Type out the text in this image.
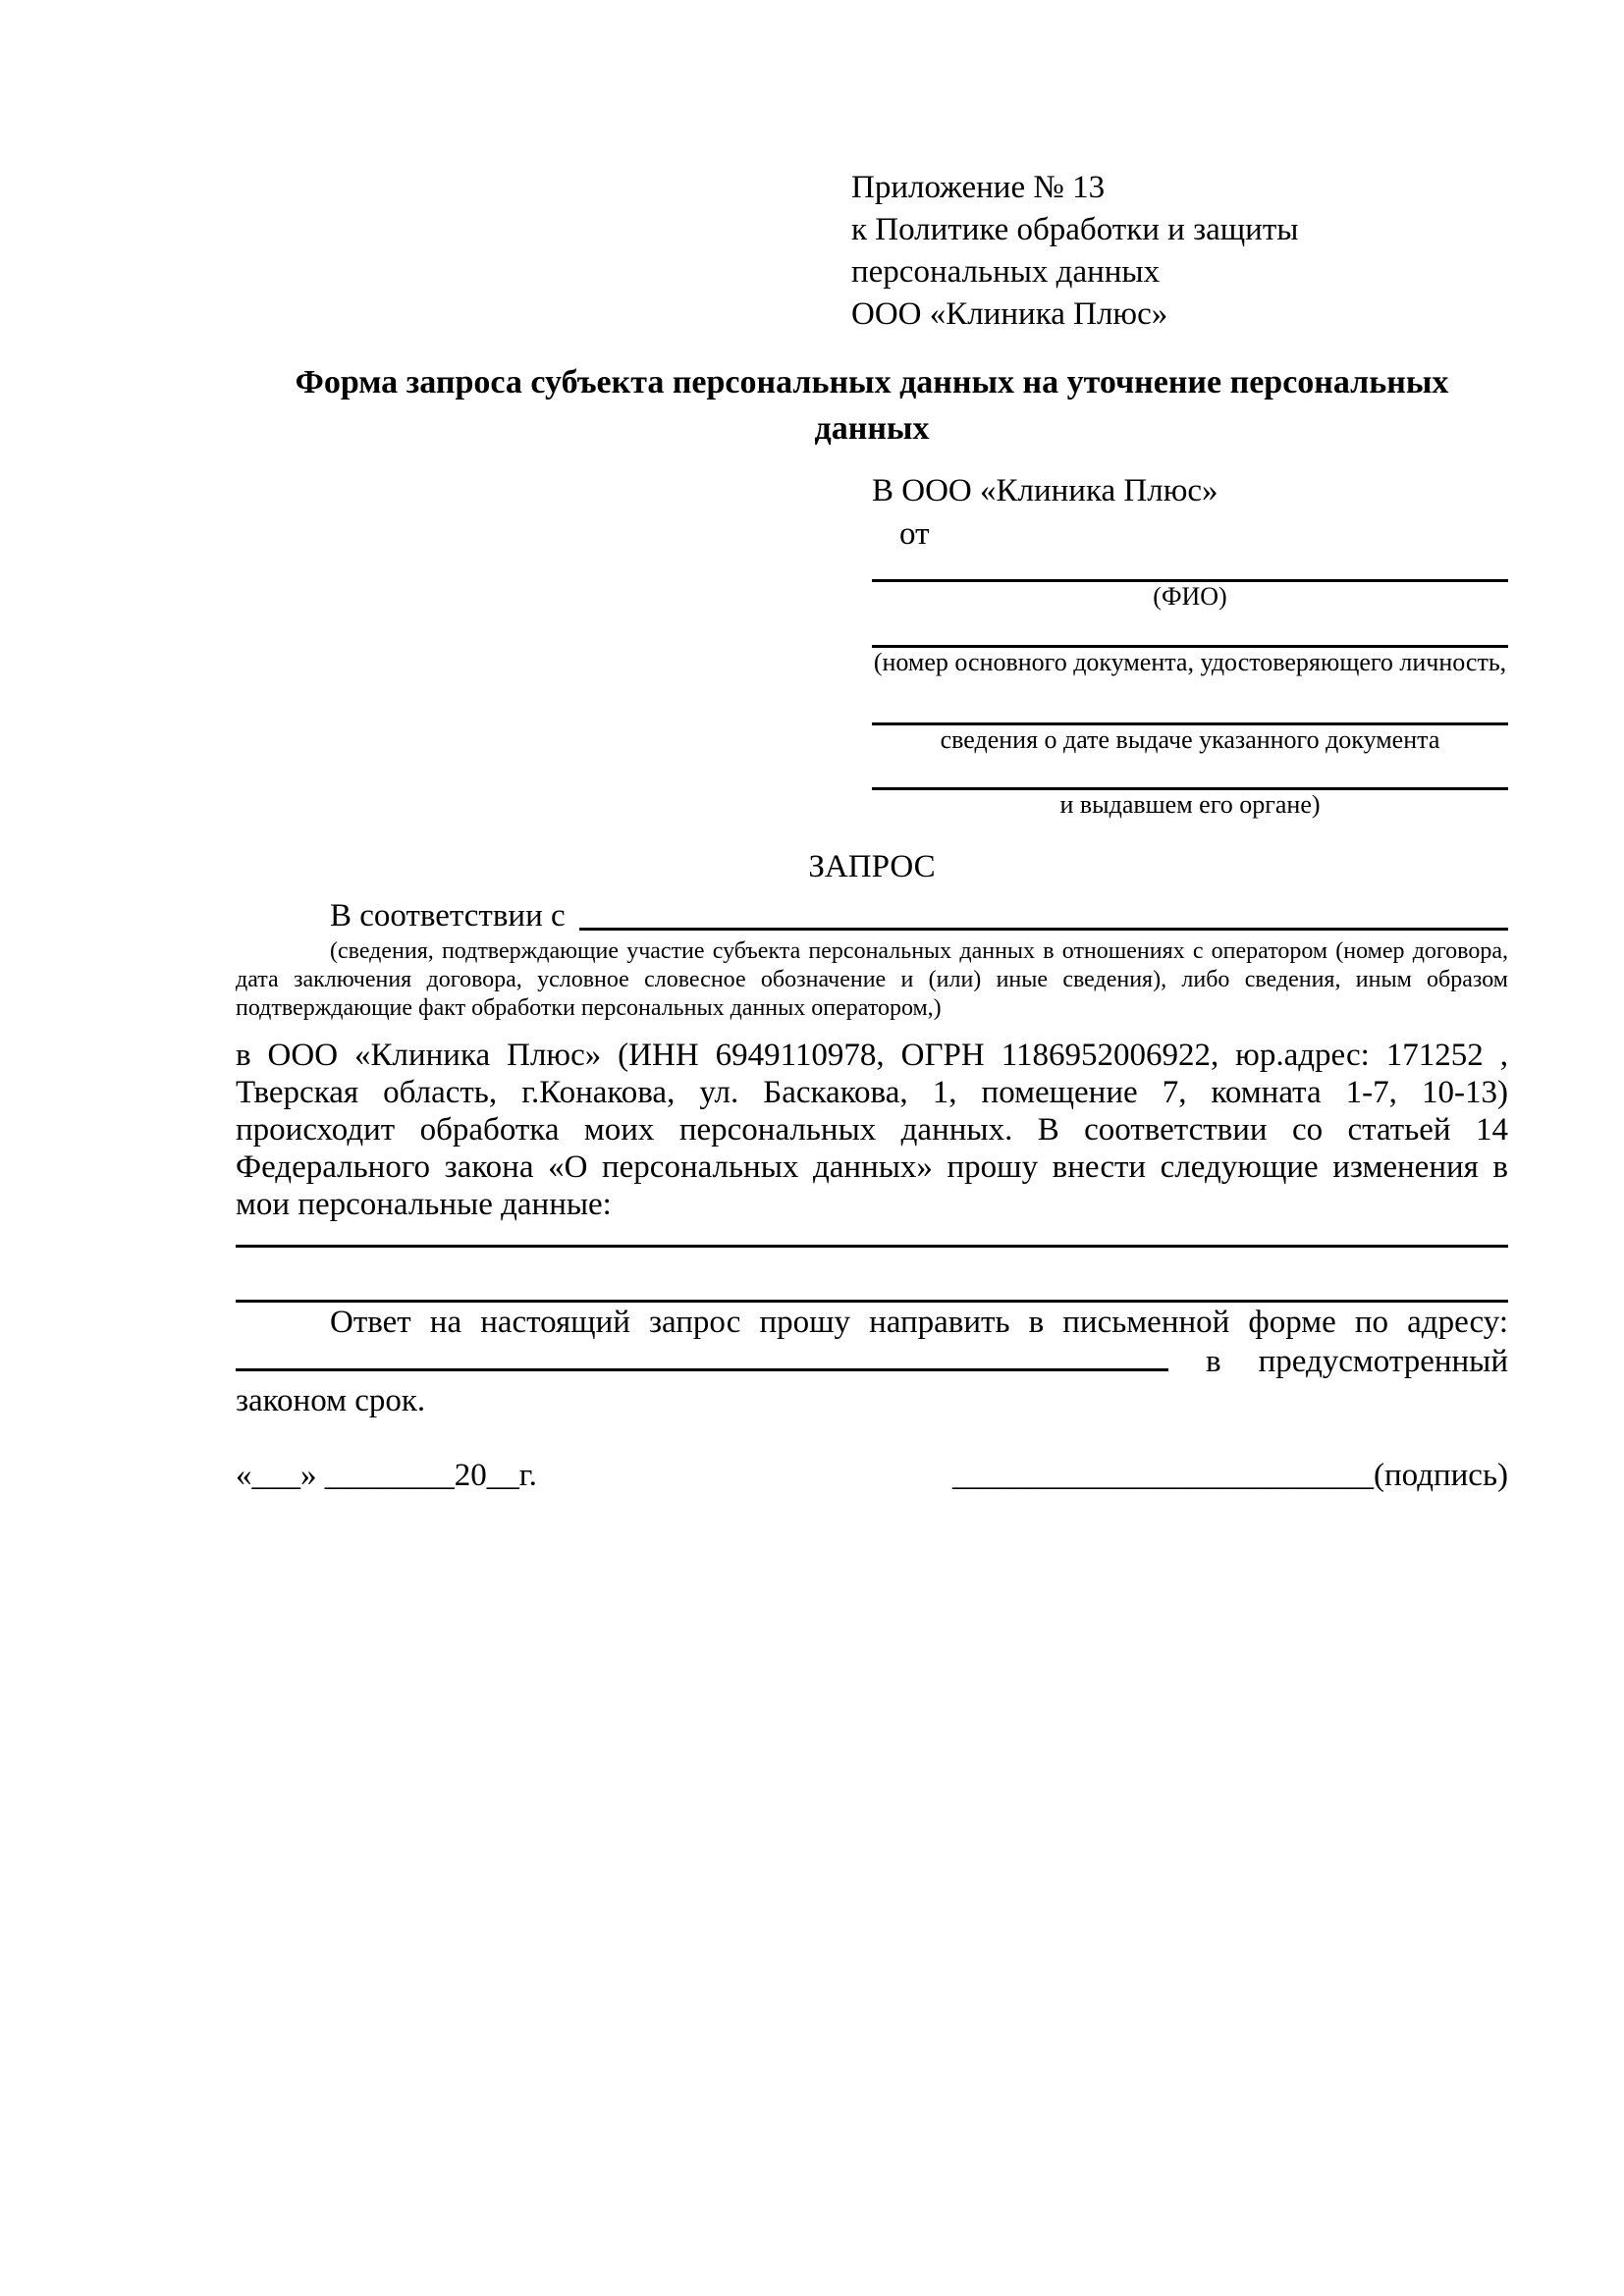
Приложение № 13
к Политике обработки и защиты
персональных данных
ООО «Клиника Плюс»
Форма запроса субъекта персональных данных на уточнение персональных данных
В ООО «Клиника Плюс»
от
(ФИО)
(номер основного документа, удостоверяющего личность,
сведения о дате выдаче указанного документа
и выдавшем его органе)
ЗАПРОС
В соответствии с
(сведения, подтверждающие участие субъекта персональных данных в отношениях с оператором (номер договора, дата заключения договора, условное словесное обозначение и (или) иные сведения), либо сведения, иным образом подтверждающие факт обработки персональных данных оператором,)

в ООО «Клиника Плюс» (ИНН 6949110978, ОГРН 1186952006922, юр.адрес: 171252 , Тверская область, г.Конакова, ул. Баскакова, 1, помещение 7, комната 1-7, 10-13) происходит обработка моих персональных данных. В соответствии со статьей 14 Федерального закона «О персональных данных» прошу внести следующие изменения в мои персональные данные:

Ответ на настоящий запрос прошу направить в письменной форме по адресу:  в предусмотренный законом срок.

«___» ________20__г.	__________________________(подпись)
